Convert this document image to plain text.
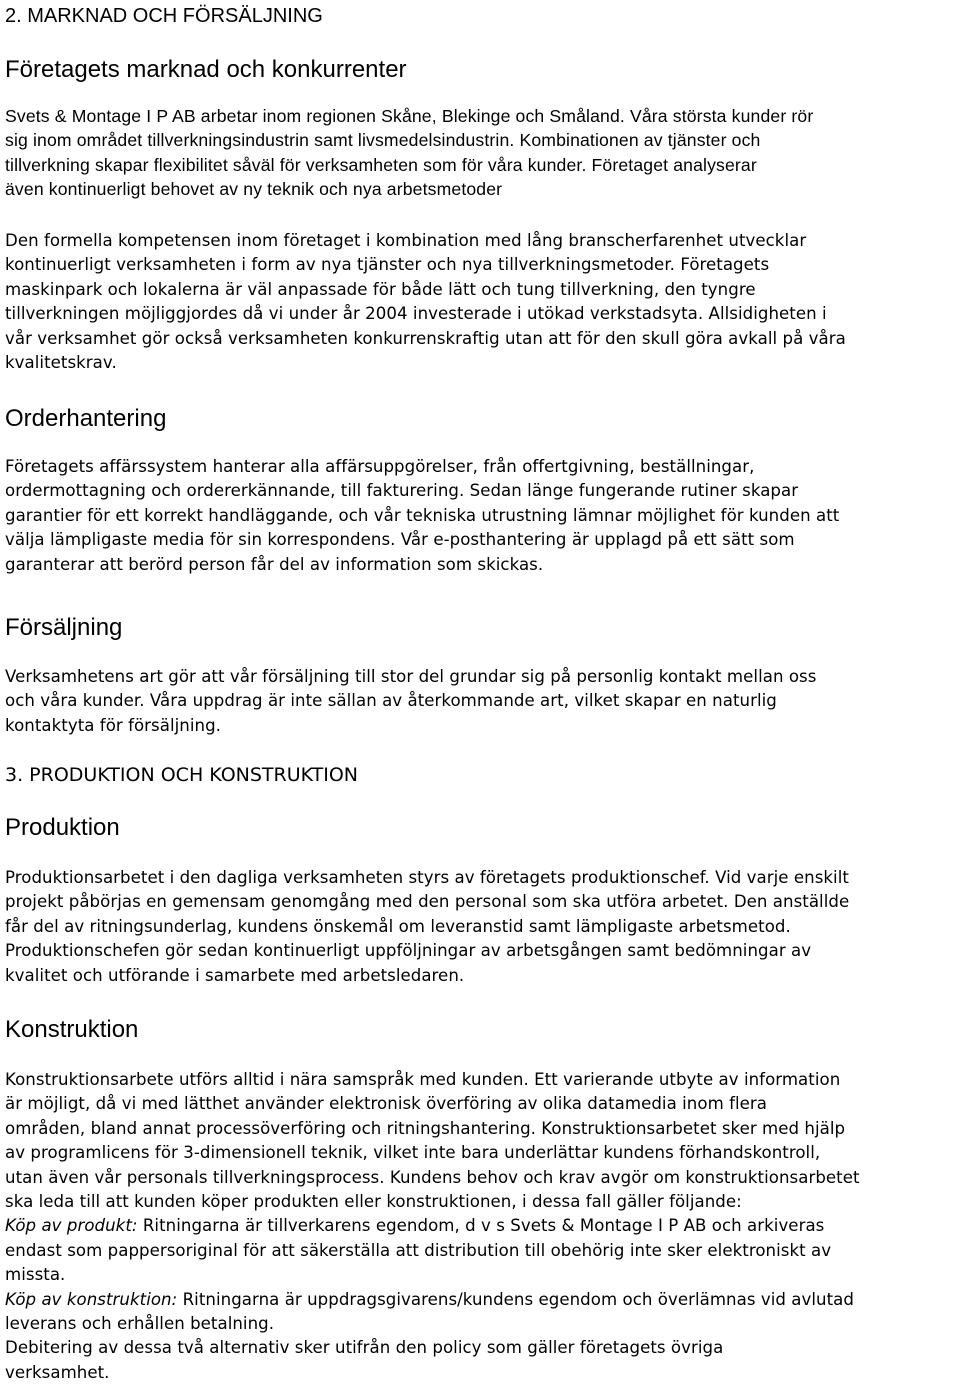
2. MARKNAD OCH FÖRSÄLJNING
Företagets marknad och konkurrenter

Svets & Montage I P AB arbetar inom regionen Skåne, Blekinge och Småland. Våra största kunder rör
sig inom området tillverkningsindustrin samt livsmedelsindustrin. Kombinationen av tjänster och
tillverkning skapar flexibilitet såväl för verksamheten som för våra kunder. Företaget analyserar
även kontinuerligt behovet av ny teknik och nya arbetsmetoder

Den formella kompetensen inom företaget i kombination med lång branscherfarenhet utvecklar
kontinuerligt verksamheten i form av nya tjänster och nya tillverkningsmetoder. Företagets
maskinpark och lokalerna är väl anpassade för både lätt och tung tillverkning, den tyngre
tillverkningen möjliggjordes då vi under år 2004 investerade i utökad verkstadsyta. Allsidigheten i
vår verksamhet gör också verksamheten konkurrenskraftig utan att för den skull göra avkall på våra
kvalitetskrav.

Orderhantering

Företagets affärssystem hanterar alla affärsuppgörelser, från offertgivning, beställningar,
ordermottagning och ordererkännande, till fakturering. Sedan länge fungerande rutiner skapar
garantier för ett korrekt handläggande, och vår tekniska utrustning lämnar möjlighet för kunden att
välja lämpligaste media för sin korrespondens. Vår e-posthantering är upplagd på ett sätt som
garanterar att berörd person får del av information som skickas.

Försäljning

Verksamhetens art gör att vår försäljning till stor del grundar sig på personlig kontakt mellan oss
och våra kunder. Våra uppdrag är inte sällan av återkommande art, vilket skapar en naturlig
kontaktyta för försäljning.

3. PRODUKTION OCH KONSTRUKTION
Produktion

Produktionsarbetet i den dagliga verksamheten styrs av företagets produktionschef. Vid varje enskilt
projekt påbörjas en gemensam genomgång med den personal som ska utföra arbetet. Den anställde
får del av ritningsunderlag, kundens önskemål om leveranstid samt lämpligaste arbetsmetod.
Produktionschefen gör sedan kontinuerligt uppföljningar av arbetsgången samt bedömningar av
kvalitet och utförande i samarbete med arbetsledaren.

Konstruktion

Konstruktionsarbete utförs alltid i nära samspråk med kunden. Ett varierande utbyte av information
är möjligt, då vi med lätthet använder elektronisk överföring av olika datamedia inom flera
områden, bland annat processöverföring och ritningshantering. Konstruktionsarbetet sker med hjälp
av programlicens för 3-dimensionell teknik, vilket inte bara underlättar kundens förhandskontroll,
utan även vår personals tillverkningsprocess. Kundens behov och krav avgör om konstruktionsarbetet
ska leda till att kunden köper produkten eller konstruktionen, i dessa fall gäller följande:
Köp av produkt: Ritningarna är tillverkarens egendom, d v s Svets & Montage I P AB och arkiveras
endast som pappersoriginal för att säkerställa att distribution till obehörig inte sker elektroniskt av
missta.
Köp av konstruktion: Ritningarna är uppdragsgivarens/kundens egendom och överlämnas vid avlutad
leverans och erhållen betalning.
Debitering av dessa två alternativ sker utifrån den policy som gäller företagets övriga
verksamhet.
